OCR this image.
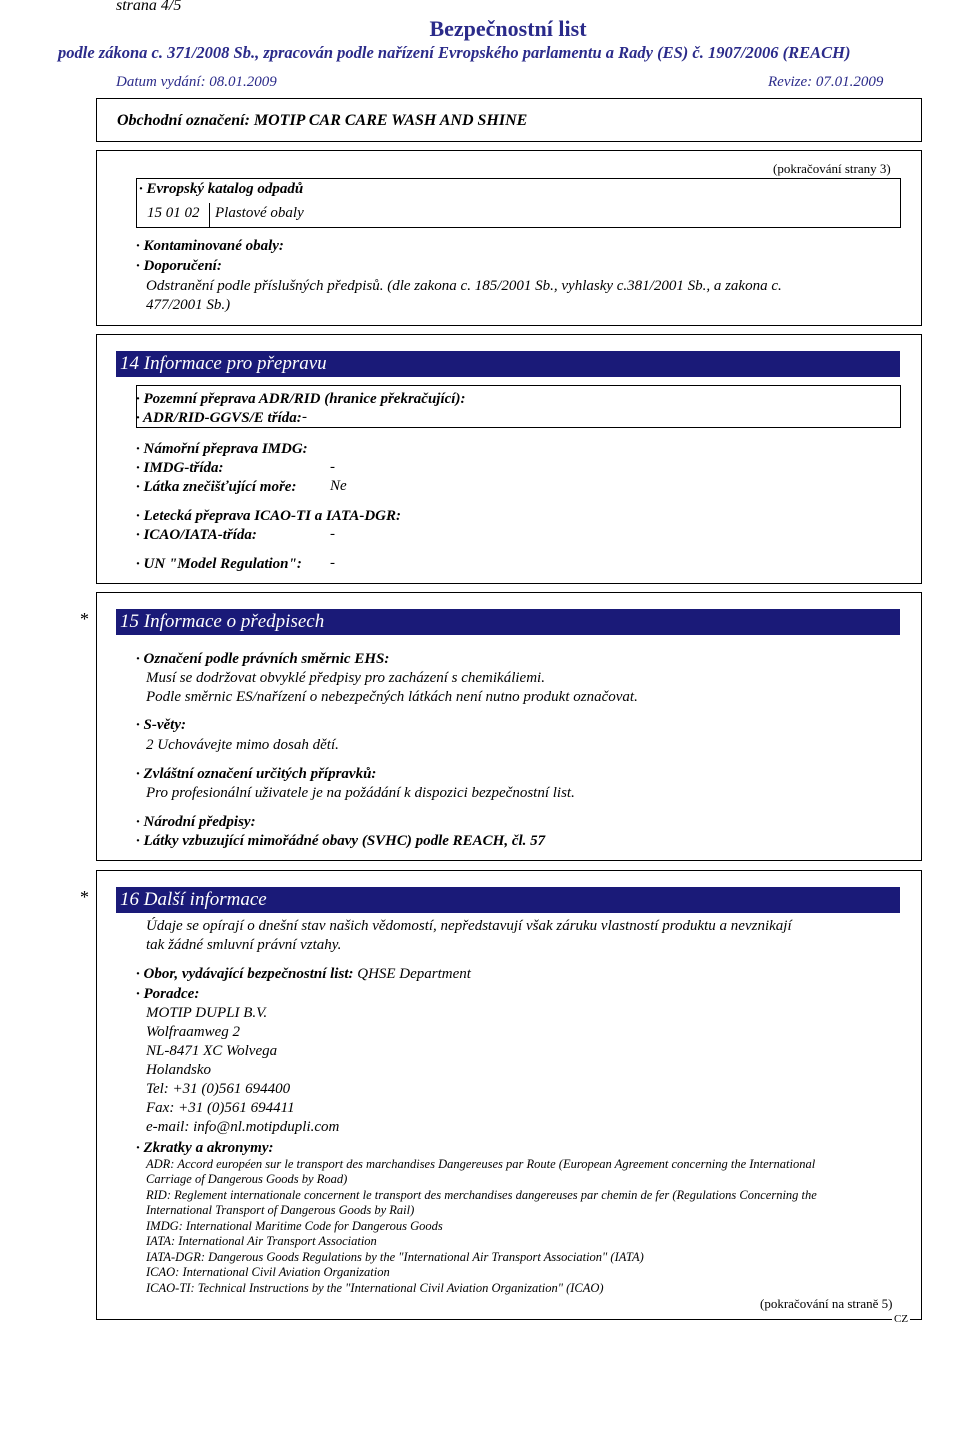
strana 4/5
Bezpečnostní list
podle zákona c. 371/2008 Sb., zpracován podle nařízení Evropského parlamentu a Rady (ES) č. 1907/2006 (REACH)
Datum vydání: 08.01.2009	Revize: 07.01.2009
Obchodní označení: MOTIP CAR CARE WASH AND SHINE
(pokračování strany 3)
· Evropský katalog odpadů
15 01 02 Plastové obaly
· Kontaminované obaly:
· Doporučení:
Odstranění podle příslušných předpisů. (dle zakona c. 185/2001 Sb., vyhlasky c.381/2001 Sb., a zakona c.
477/2001 Sb.)
14 Informace pro přepravu
· Pozemní přeprava ADR/RID (hranice překračující):
· ADR/RID-GGVS/E třída: -
· Námořní přeprava IMDG:
· IMDG-třída:	-
· Látka znečišťující moře: Ne
· Letecká přeprava ICAO-TI a IATA-DGR:
· ICAO/IATA-třída:	-
· UN "Model Regulation": -
* 15 Informace o předpisech
· Označení podle právních směrnic EHS:
Musí se dodržovat obvyklé předpisy pro zacházení s chemikáliemi.
Podle směrnic ES/nařízení o nebezpečných látkách není nutno produkt označovat.
· S-věty:
2 Uchovávejte mimo dosah dětí.
· Zvláštní označení určitých přípravků:
Pro profesionální uživatele je na požádání k dispozici bezpečnostní list.
· Národní předpisy:
· Látky vzbuzující mimořádné obavy (SVHC) podle REACH, čl. 57
* 16 Další informace
Údaje se opírají o dnešní stav našich vědomostí, nepředstavují však záruku vlastností produktu a nevznikají
tak žádné smluvní právní vztahy.
· Obor, vydávající bezpečnostní list: QHSE Department
· Poradce:
MOTIP DUPLI B.V.
Wolfraamweg 2
NL-8471 XC Wolvega
Holandsko
Tel: +31 (0)561 694400
Fax: +31 (0)561 694411
e-mail: info@nl.motipdupli.com
· Zkratky a akronymy:
ADR: Accord européen sur le transport des marchandises Dangereuses par Route (European Agreement concerning the International
Carriage of Dangerous Goods by Road)
RID: Reglement internationale concernent le transport des merchandises dangereuses par chemin de fer (Regulations Concerning the
International Transport of Dangerous Goods by Rail)
IMDG: International Maritime Code for Dangerous Goods
IATA: International Air Transport Association
IATA-DGR: Dangerous Goods Regulations by the "International Air Transport Association" (IATA)
ICAO: International Civil Aviation Organization
ICAO-TI: Technical Instructions by the "International Civil Aviation Organization" (ICAO)
(pokračování na straně 5)
CZ
